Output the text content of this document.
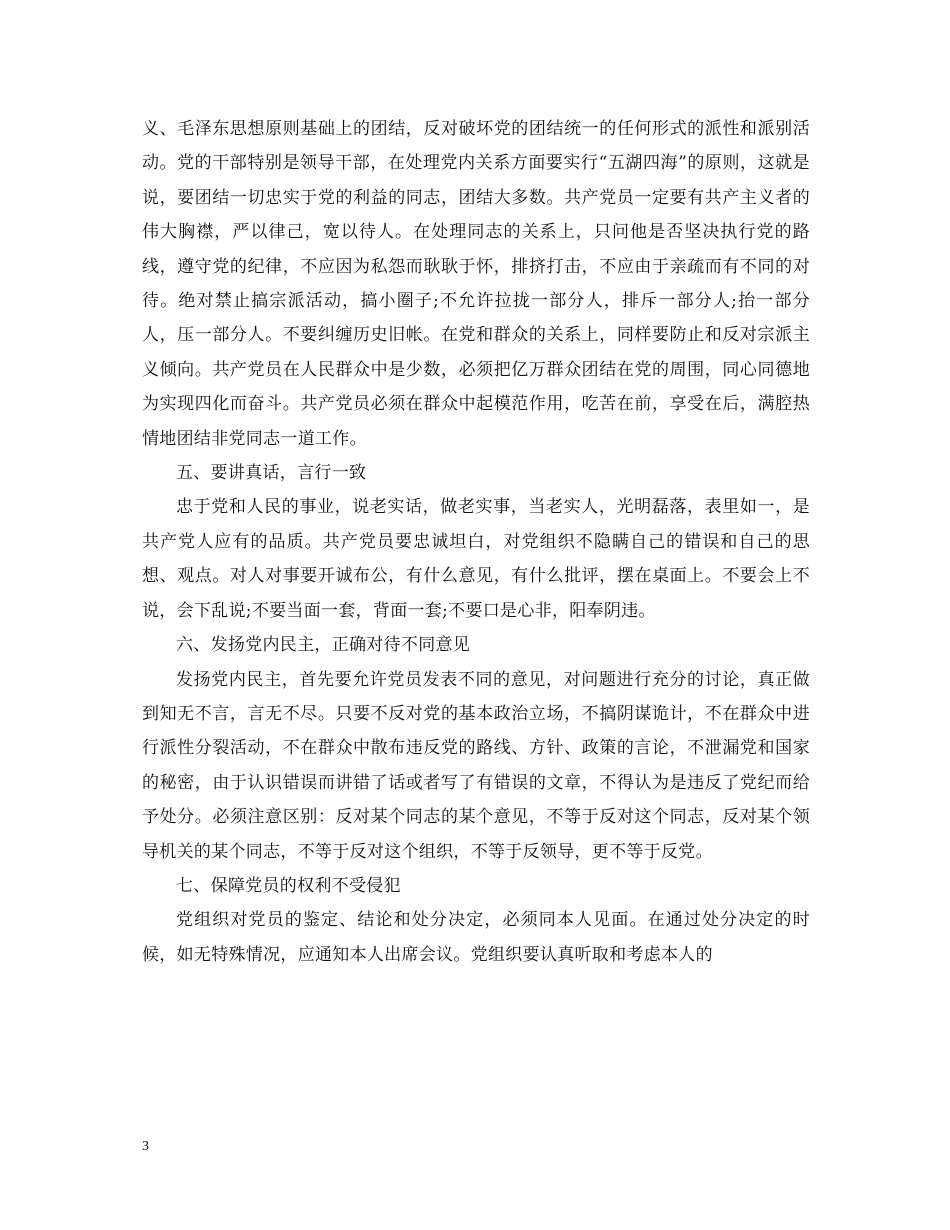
义、毛泽东思想原则基础上的团结，反对破坏党的团结统一的任何形式的派性和派别活动。党的干部特别是领导干部，在处理党内关系方面要实行“五湖四海”的原则，这就是说，要团结一切忠实于党的利益的同志，团结大多数。共产党员一定要有共产主义者的伟大胸襟，严以律己，宽以待人。在处理同志的关系上，只问他是否坚决执行党的路线，遵守党的纪律，不应因为私怨而耿耿于怀，排挤打击，不应由于亲疏而有不同的对待。绝对禁止搞宗派活动，搞小圈子;不允许拉拢一部分人，排斥一部分人;抬一部分人，压一部分人。不要纠缠历史旧帐。在党和群众的关系上，同样要防止和反对宗派主义倾向。共产党员在人民群众中是少数，必须把亿万群众团结在党的周围，同心同德地为实现四化而奋斗。共产党员必须在群众中起模范作用，吃苦在前，享受在后，满腔热情地团结非党同志一道工作。

五、要讲真话，言行一致

忠于党和人民的事业，说老实话，做老实事，当老实人，光明磊落，表里如一，是共产党人应有的品质。共产党员要忠诚坦白，对党组织不隐瞒自己的错误和自己的思想、观点。对人对事要开诚布公，有什么意见，有什么批评，摆在桌面上。不要会上不说，会下乱说;不要当面一套，背面一套;不要口是心非，阳奉阴违。

六、发扬党内民主，正确对待不同意见

发扬党内民主，首先要允许党员发表不同的意见，对问题进行充分的讨论，真正做到知无不言，言无不尽。只要不反对党的基本政治立场，不搞阴谋诡计，不在群众中进行派性分裂活动，不在群众中散布违反党的路线、方针、政策的言论，不泄漏党和国家的秘密，由于认识错误而讲错了话或者写了有错误的文章，不得认为是违反了党纪而给予处分。必须注意区别：反对某个同志的某个意见，不等于反对这个同志，反对某个领导机关的某个同志，不等于反对这个组织，不等于反领导，更不等于反党。

七、保障党员的权利不受侵犯

党组织对党员的鉴定、结论和处分决定，必须同本人见面。在通过处分决定的时候，如无特殊情况，应通知本人出席会议。党组织要认真听取和考虑本人的

3
